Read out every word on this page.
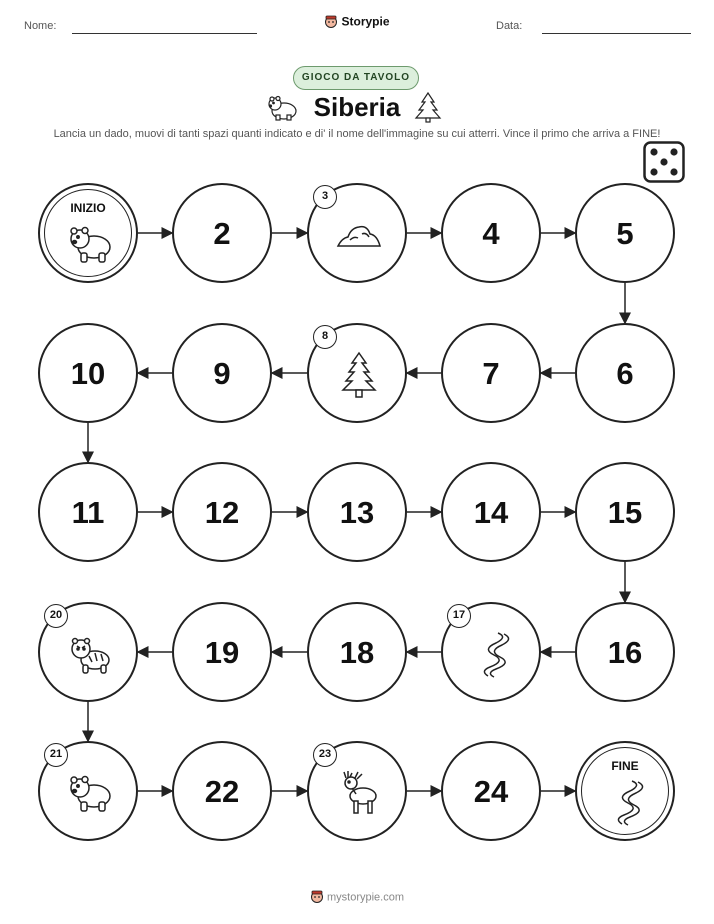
Nome:	Storypie	Data:
GIOCO DA TAVOLO
Siberia
Lancia un dado, muovi di tanti spazi quanti indicato e di' il nome dell'immagine su cui atterri. Vince il primo che arriva a FINE!
INIZIO
2
3
4	5
6
7
8
9
10
11	12	13	14	15
16
17
18
19
20
21
22
23
24
FINE
mystorypie.com
